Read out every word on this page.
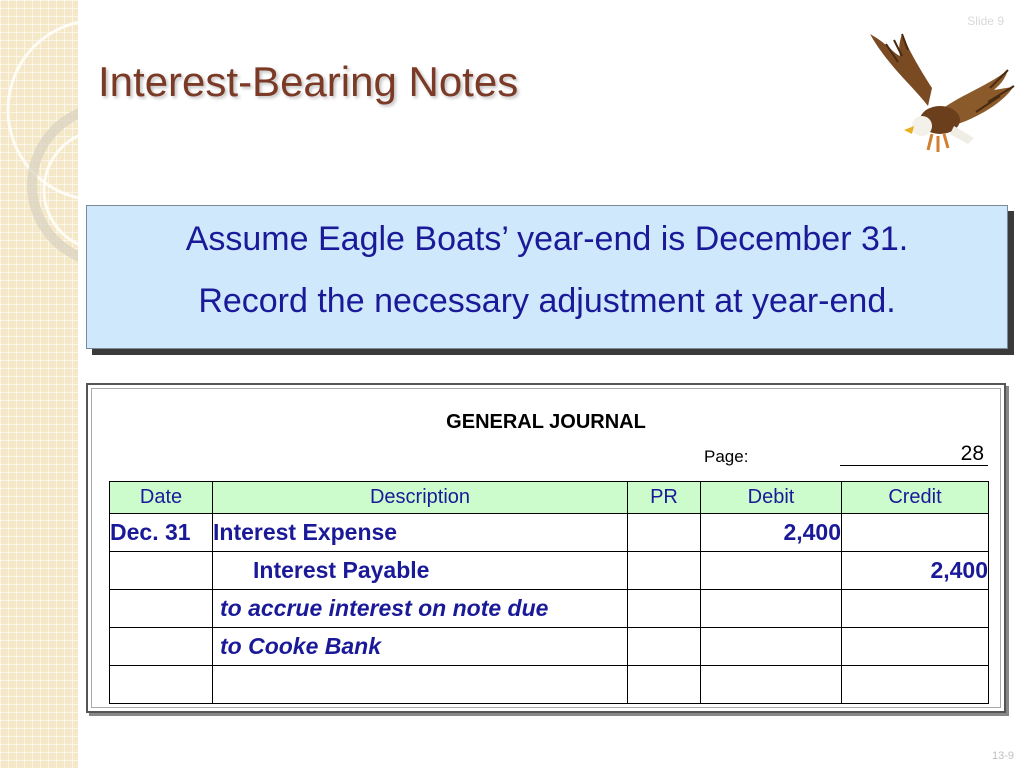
Slide 9
Interest-Bearing Notes

Assume Eagle Boats’ year-end is December 31.

Record the necessary adjustment at year-end.

GENERAL JOURNAL
Page:	28
Date	Description	PR	Debit	Credit
Dec. 31	Interest Expense		2,400	
	Interest Payable			2,400
	to accrue interest on note due			
	to Cooke Bank			

13-9
